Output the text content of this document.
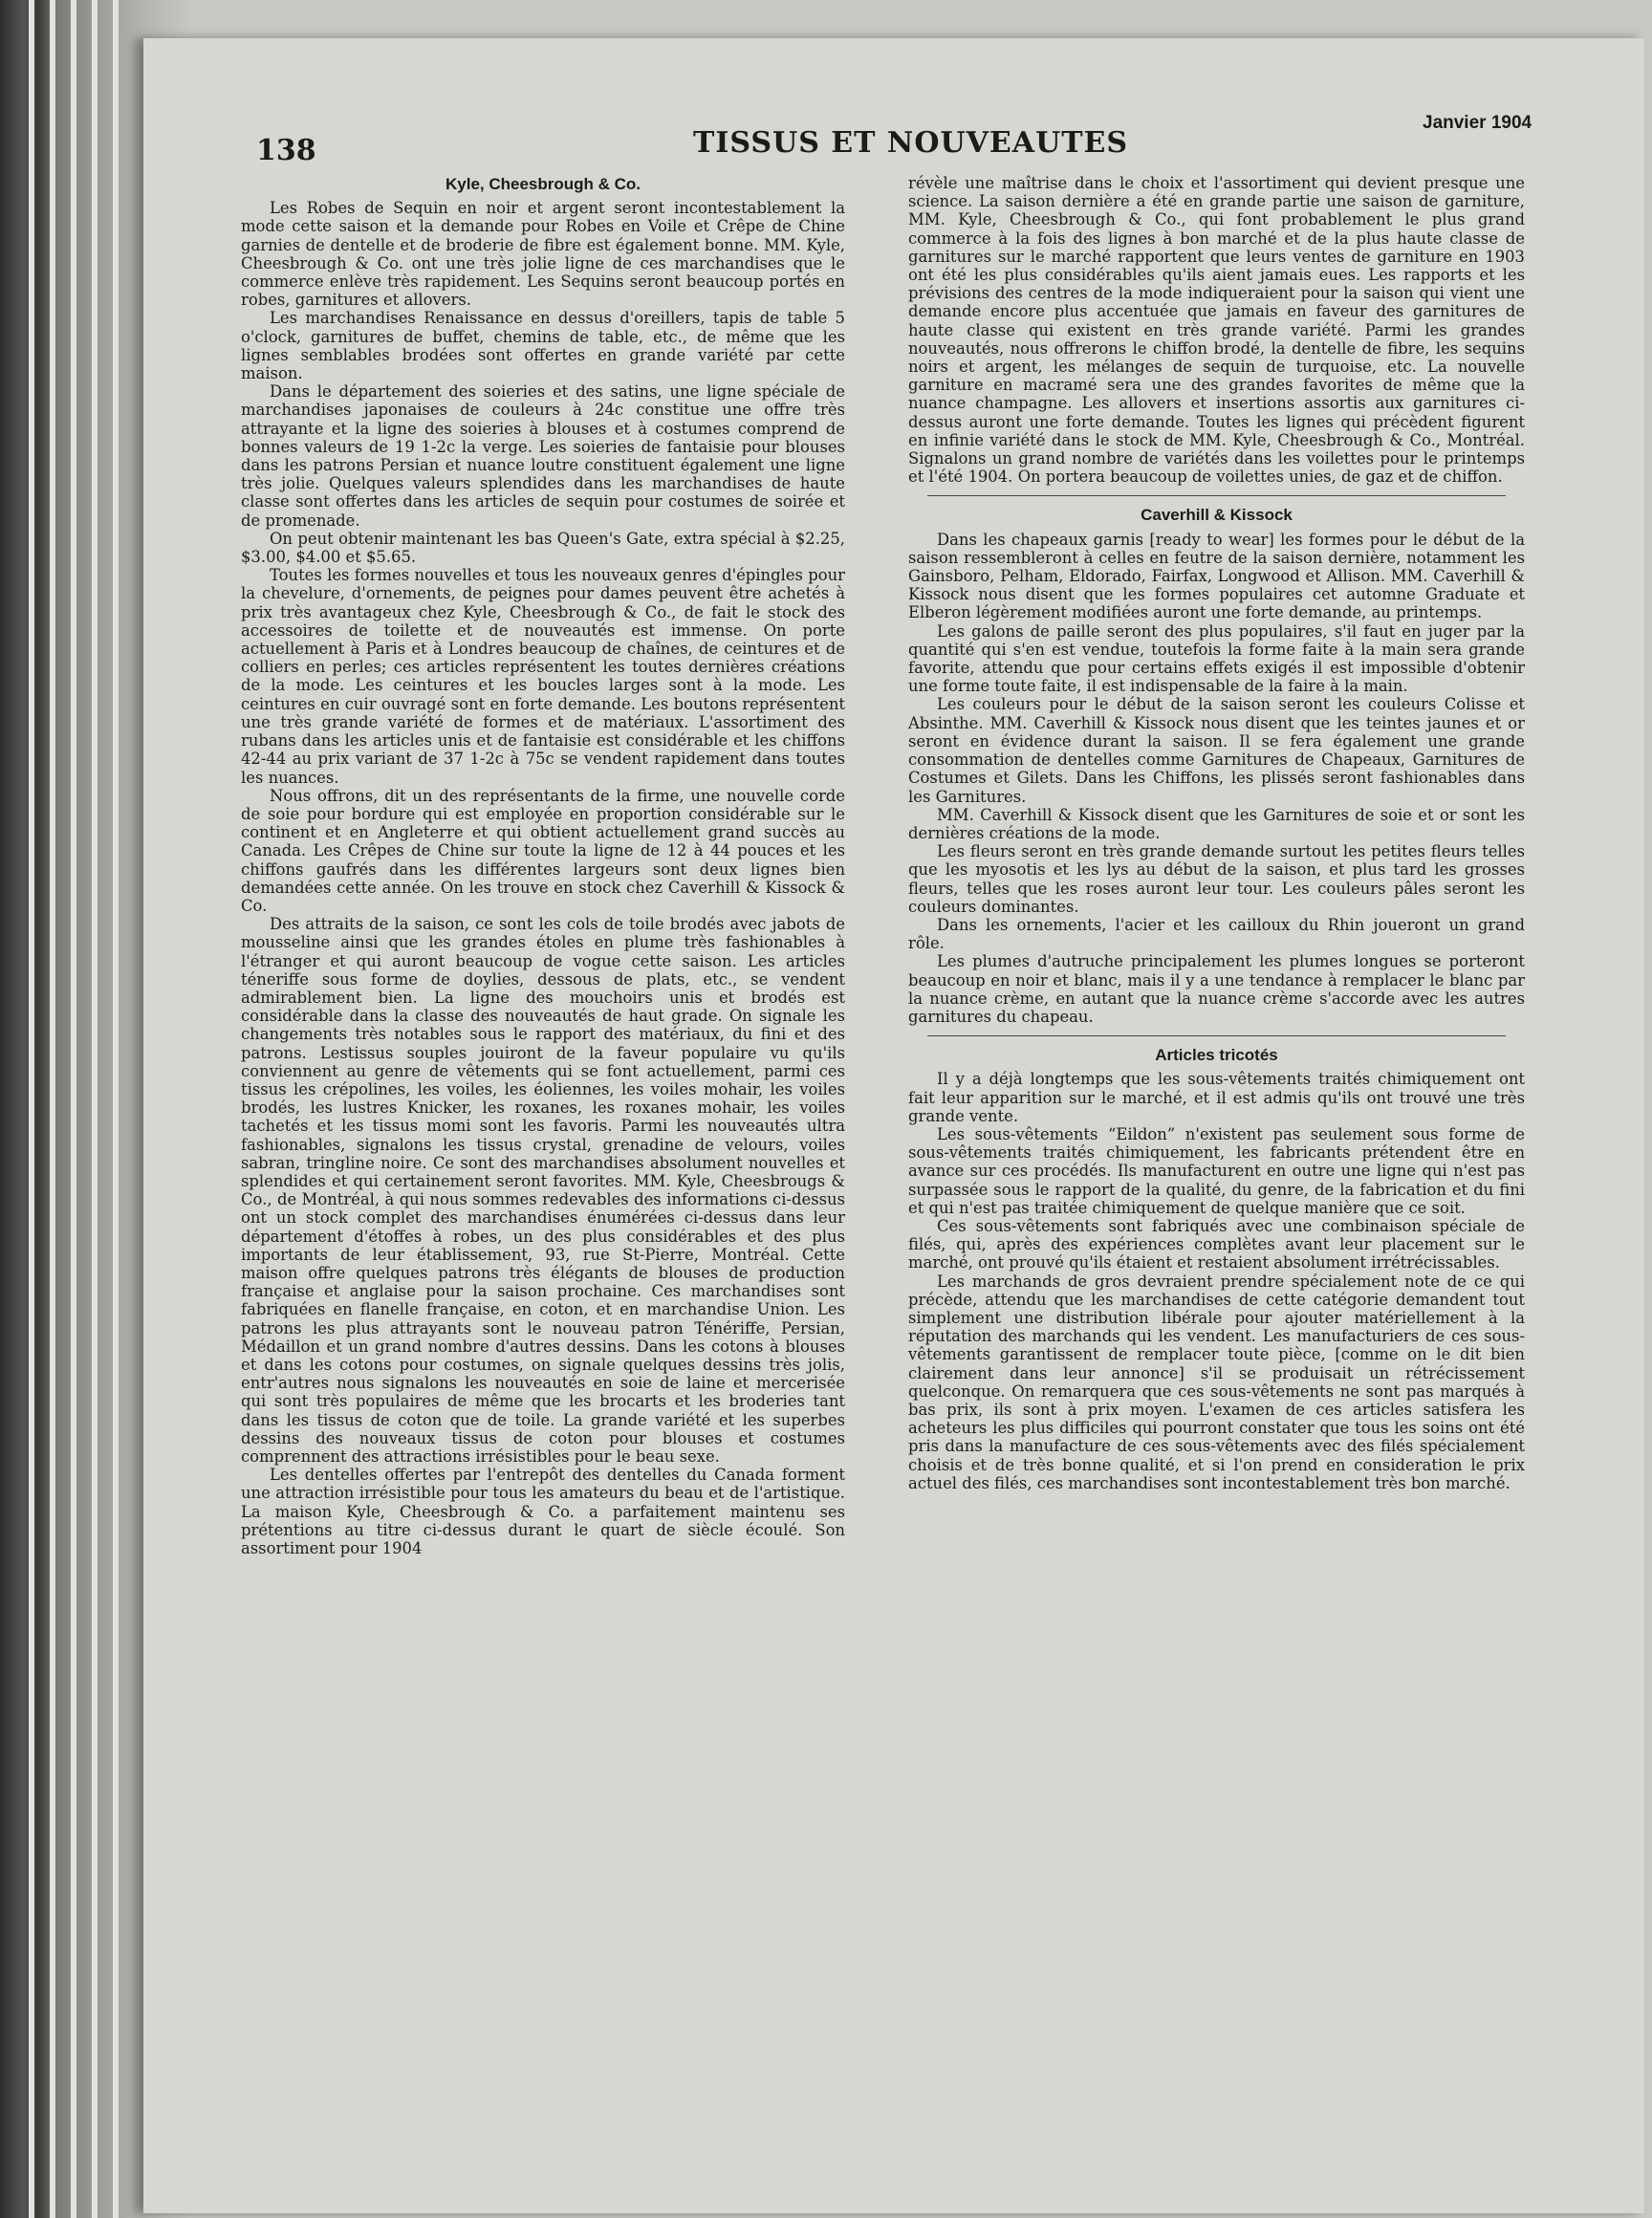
138	TISSUS ET NOUVEAUTES
Janvier 1904
Kyle, Cheesbrough & Co.

Les Robes de Sequin en noir et argent seront incontestablement la mode cette saison et la demande pour Robes en Voile et Crêpe de Chine garnies de dentelle et de broderie de fibre est également bonne. MM. Kyle, Cheesbrough & Co. ont une très jolie ligne de ces marchandises que le commerce enlève très rapidement. Les Sequins seront beaucoup portés en robes, garnitures et allovers.

Les marchandises Renaissance en dessus d'oreillers, tapis de table 5 o'clock, garnitures de buffet, chemins de table, etc., de même que les lignes semblables brodées sont offertes en grande variété par cette maison.

Dans le département des soieries et des satins, une ligne spéciale de marchandises japonaises de couleurs à 24c constitue une offre très attrayante et la ligne des soieries à blouses et à costumes comprend de bonnes valeurs de 19 1-2c la verge. Les soieries de fantaisie pour blouses dans les patrons Persian et nuance loutre constituent également une ligne très jolie. Quelques valeurs splendides dans les marchandises de haute classe sont offertes dans les articles de sequin pour costumes de soirée et de promenade.

On peut obtenir maintenant les bas Queen's Gate, extra spécial à $2.25, $3.00, $4.00 et $5.65.

Toutes les formes nouvelles et tous les nouveaux genres d'épingles pour la chevelure, d'ornements, de peignes pour dames peuvent être achetés à prix très avantageux chez Kyle, Cheesbrough & Co., de fait le stock des accessoires de toilette et de nouveautés est immense. On porte actuellement à Paris et à Londres beaucoup de chaînes, de ceintures et de colliers en perles; ces articles représentent les toutes dernières créations de la mode. Les ceintures et les boucles larges sont à la mode. Les ceintures en cuir ouvragé sont en forte demande. Les boutons représentent une très grande variété de formes et de matériaux. L'assortiment des rubans dans les articles unis et de fantaisie est considérable et les chiffons 42-44 au prix variant de 37 1-2c à 75c se vendent rapidement dans toutes les nuances.

Nous offrons, dit un des représentants de la firme, une nouvelle corde de soie pour bordure qui est employée en proportion considérable sur le continent et en Angleterre et qui obtient actuellement grand succès au Canada. Les Crêpes de Chine sur toute la ligne de 12 à 44 pouces et les chiffons gaufrés dans les différentes largeurs sont deux lignes bien demandées cette année. On les trouve en stock chez Caverhill & Kissock & Co.

Des attraits de la saison, ce sont les cols de toile brodés avec jabots de mousseline ainsi que les grandes étoles en plume très fashionables à l'étranger et qui auront beaucoup de vogue cette saison. Les articles téneriffe sous forme de doylies, dessous de plats, etc., se vendent admirablement bien. La ligne des mouchoirs unis et brodés est considérable dans la classe des nouveautés de haut grade. On signale les changements très notables sous le rapport des matériaux, du fini et des patrons. Lestissus souples jouiront de la faveur populaire vu qu'ils conviennent au genre de vêtements qui se font actuellement, parmi ces tissus les crépolines, les voiles, les éoliennes, les voiles mohair, les voiles brodés, les lustres Knicker, les roxanes, les roxanes mohair, les voiles tachetés et les tissus momi sont les favoris. Parmi les nouveautés ultra fashionables, signalons les tissus crystal, grenadine de velours, voiles sabran, tringline noire. Ce sont des marchandises absolument nouvelles et splendides et qui certainement seront favorites. MM. Kyle, Cheesbrougs & Co., de Montréal, à qui nous sommes redevables des informations ci-dessus ont un stock complet des marchandises énumérées ci-dessus dans leur département d'étoffes à robes, un des plus considérables et des plus importants de leur établissement, 93, rue St-Pierre, Montréal. Cette maison offre quelques patrons très élégants de blouses de production française et anglaise pour la saison prochaine. Ces marchandises sont fabriquées en flanelle française, en coton, et en marchandise Union. Les patrons les plus attrayants sont le nouveau patron Ténériffe, Persian, Médaillon et un grand nombre d'autres dessins. Dans les cotons à blouses et dans les cotons pour costumes, on signale quelques dessins très jolis, entr'autres nous signalons les nouveautés en soie de laine et mercerisée qui sont très populaires de même que les brocarts et les broderies tant dans les tissus de coton que de toile. La grande variété et les superbes dessins des nouveaux tissus de coton pour blouses et costumes comprennent des attractions irrésistibles pour le beau sexe.

Les dentelles offertes par l'entrepôt des dentelles du Canada forment une attraction irrésistible pour tous les amateurs du beau et de l'artistique. La maison Kyle, Cheesbrough & Co. a parfaitement maintenu ses prétentions au titre ci-dessus durant le quart de siècle écoulé. Son assortiment pour 1904

révèle une maîtrise dans le choix et l'assortiment qui devient presque une science. La saison dernière a été en grande partie une saison de garniture, MM. Kyle, Cheesbrough & Co., qui font probablement le plus grand commerce à la fois des lignes à bon marché et de la plus haute classe de garnitures sur le marché rapportent que leurs ventes de garniture en 1903 ont été les plus considérables qu'ils aient jamais eues. Les rapports et les prévisions des centres de la mode indiqueraient pour la saison qui vient une demande encore plus accentuée que jamais en faveur des garnitures de haute classe qui existent en très grande variété. Parmi les grandes nouveautés, nous offrerons le chiffon brodé, la dentelle de fibre, les sequins noirs et argent, les mélanges de sequin de turquoise, etc. La nouvelle garniture en macramé sera une des grandes favorites de même que la nuance champagne. Les allovers et insertions assortis aux garnitures ci-dessus auront une forte demande. Toutes les lignes qui précèdent figurent en infinie variété dans le stock de MM. Kyle, Cheesbrough & Co., Montréal. Signalons un grand nombre de variétés dans les voilettes pour le printemps et l'été 1904. On portera beaucoup de voilettes unies, de gaz et de chiffon.

Caverhill & Kissock

Dans les chapeaux garnis [ready to wear] les formes pour le début de la saison ressembleront à celles en feutre de la saison dernière, notamment les Gainsboro, Pelham, Eldorado, Fairfax, Longwood et Allison. MM. Caverhill & Kissock nous disent que les formes populaires cet automne Graduate et Elberon légèrement modifiées auront une forte demande, au printemps.

Les galons de paille seront des plus populaires, s'il faut en juger par la quantité qui s'en est vendue, toutefois la forme faite à la main sera grande favorite, attendu que pour certains effets exigés il est impossible d'obtenir une forme toute faite, il est indispensable de la faire à la main.

Les couleurs pour le début de la saison seront les couleurs Colisse et Absinthe. MM. Caverhill & Kissock nous disent que les teintes jaunes et or seront en évidence durant la saison. Il se fera également une grande consommation de dentelles comme Garnitures de Chapeaux, Garnitures de Costumes et Gilets. Dans les Chiffons, les plissés seront fashionables dans les Garnitures.

MM. Caverhill & Kissock disent que les Garnitures de soie et or sont les dernières créations de la mode.

Les fleurs seront en très grande demande surtout les petites fleurs telles que les myosotis et les lys au début de la saison, et plus tard les grosses fleurs, telles que les roses auront leur tour. Les couleurs pâles seront les couleurs dominantes.

Dans les ornements, l'acier et les cailloux du Rhin joueront un grand rôle.

Les plumes d'autruche principalement les plumes longues se porteront beaucoup en noir et blanc, mais il y a une tendance à remplacer le blanc par la nuance crème, en autant que la nuance crème s'accorde avec les autres garnitures du chapeau.

Articles tricotés

Il y a déjà longtemps que les sous-vêtements traités chimiquement ont fait leur apparition sur le marché, et il est admis qu'ils ont trouvé une très grande vente.

Les sous-vêtements “Eildon” n'existent pas seulement sous forme de sous-vêtements traités chimiquement, les fabricants prétendent être en avance sur ces procédés. Ils manufacturent en outre une ligne qui n'est pas surpassée sous le rapport de la qualité, du genre, de la fabrication et du fini et qui n'est pas traitée chimiquement de quelque manière que ce soit.

Ces sous-vêtements sont fabriqués avec une combinaison spéciale de filés, qui, après des expériences complètes avant leur placement sur le marché, ont prouvé qu'ils étaient et restaient absolument irrétrécissables.

Les marchands de gros devraient prendre spécialement note de ce qui précède, attendu que les marchandises de cette catégorie demandent tout simplement une distribution libérale pour ajouter matériellement à la réputation des marchands qui les vendent. Les manufacturiers de ces sous-vêtements garantissent de remplacer toute pièce, [comme on le dit bien clairement dans leur annonce] s'il se produisait un rétrécissement quelconque. On remarquera que ces sous-vêtements ne sont pas marqués à bas prix, ils sont à prix moyen. L'examen de ces articles satisfera les acheteurs les plus difficiles qui pourront constater que tous les soins ont été pris dans la manufacture de ces sous-vêtements avec des filés spécialement choisis et de très bonne qualité, et si l'on prend en consideration le prix actuel des filés, ces marchandises sont incontestablement très bon marché.
